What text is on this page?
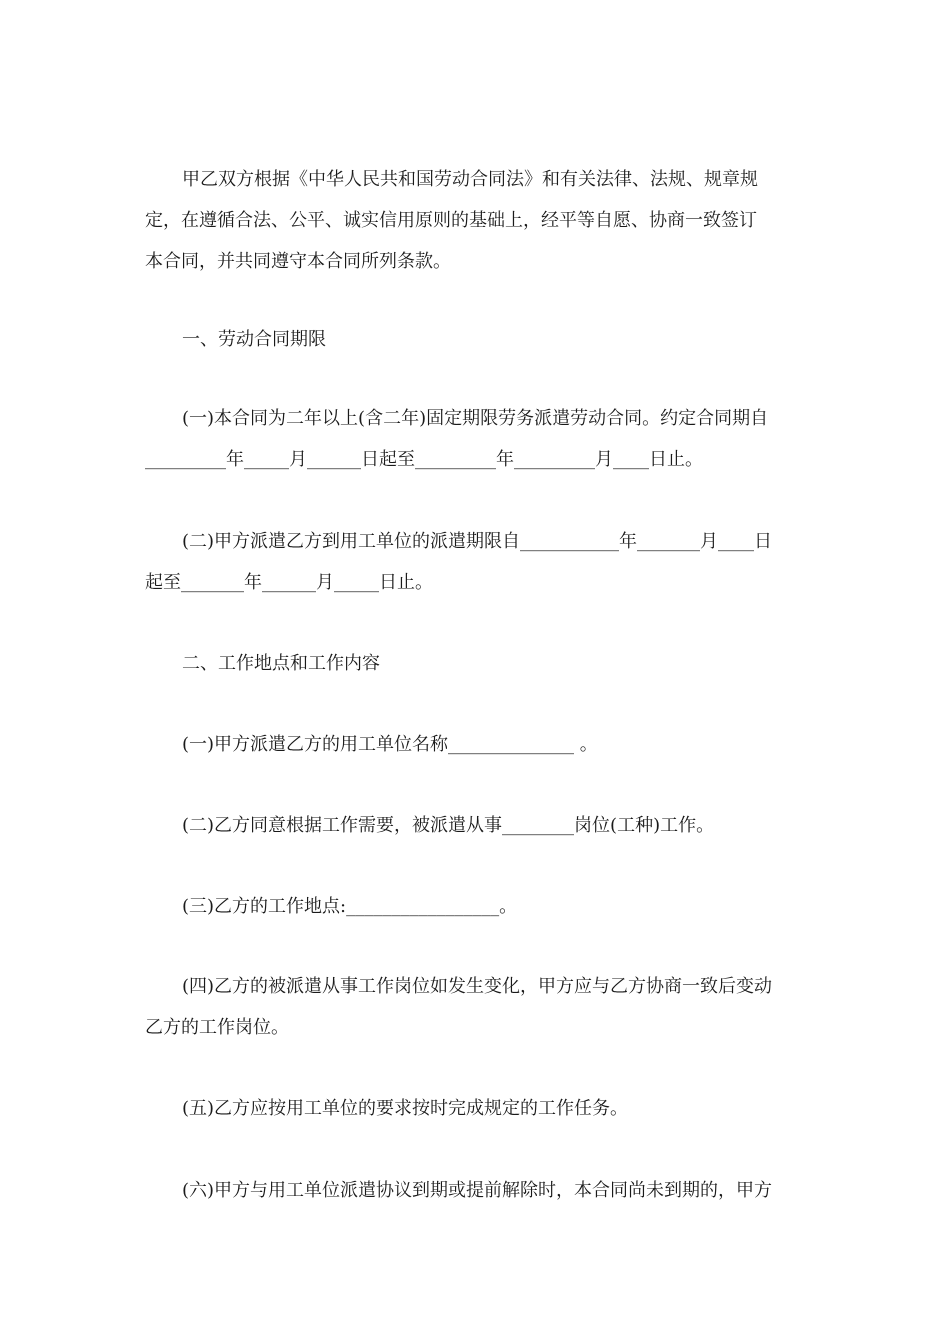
甲乙双方根据《中华人民共和国劳动合同法》和有关法律、法规、规章规
定，在遵循合法、公平、诚实信用原则的基础上，经平等自愿、协商一致签订
本合同，并共同遵守本合同所列条款。
一、劳动合同期限
(一)本合同为二年以上(含二年)固定期限劳务派遣劳动合同。约定合同期自
_________年_____月______日起至_________年_________月____日止。
(二)甲方派遣乙方到用工单位的派遣期限自___________年_______月____日
起至_______年______月_____日止。
二、工作地点和工作内容
(一)甲方派遣乙方的用工单位名称______________ 。
(二)乙方同意根据工作需要，被派遣从事________岗位(工种)工作。
(三)乙方的工作地点:_________________。
(四)乙方的被派遣从事工作岗位如发生变化，甲方应与乙方协商一致后变动
乙方的工作岗位。
(五)乙方应按用工单位的要求按时完成规定的工作任务。
(六)甲方与用工单位派遣协议到期或提前解除时，本合同尚未到期的，甲方
